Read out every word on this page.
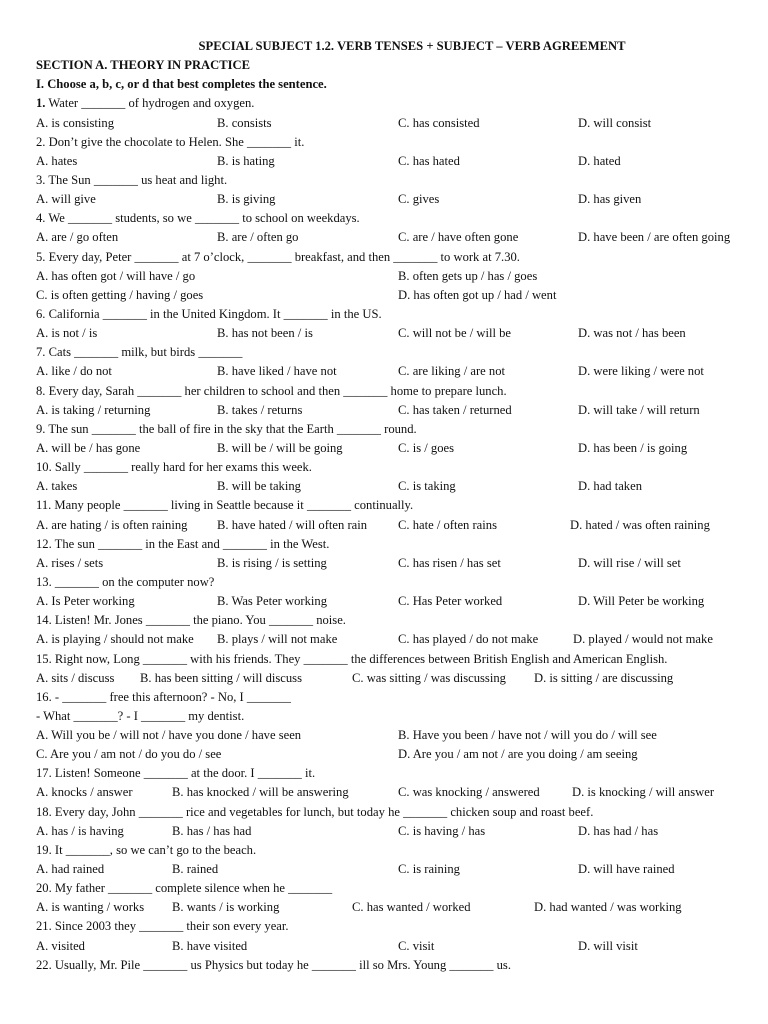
SPECIAL SUBJECT 1.2. VERB TENSES + SUBJECT – VERB AGREEMENT
SECTION A. THEORY IN PRACTICE
I. Choose a, b, c, or d that best completes the sentence.
1. Water _______ of hydrogen and oxygen.
A. is consisting	B. consists	C. has consisted	D. will consist
2. Don’t give the chocolate to Helen. She _______ it.
A. hates	B. is hating	C. has hated	D. hated
3. The Sun _______ us heat and light.
A. will give	B. is giving	C. gives	D. has given
4. We _______ students, so we _______ to school on weekdays.
A. are / go often	B. are / often go	C. are / have often gone	D. have been / are often going
5. Every day, Peter _______ at 7 o’clock, _______ breakfast, and then _______ to work at 7.30.
A. has often got / will have / go	B. often gets up / has / goes
C. is often getting / having / goes	D. has often got up / had / went
6. California _______ in the United Kingdom. It _______ in the US.
A. is not / is	B. has not been / is	C. will not be / will be	D. was not / has been
7. Cats _______ milk, but birds _______
A. like / do not	B. have liked / have not	C. are liking / are not	D. were liking / were not
8. Every day, Sarah _______ her children to school and then _______ home to prepare lunch.
A. is taking / returning	B. takes / returns	C. has taken / returned	D. will take / will return
9. The sun _______ the ball of fire in the sky that the Earth _______ round.
A. will be / has gone	B. will be / will be going	C. is / goes	D. has been / is going
10. Sally _______ really hard for her exams this week.
A. takes	B. will be taking	C. is taking	D. had taken
11. Many people _______ living in Seattle because it _______ continually.
A. are hating / is often raining B. have hated / will often rain C. hate / often rains	D. hated / was often raining
12. The sun _______ in the East and _______ in the West.
A. rises / sets	B. is rising / is setting	C. has risen / has set	D. will rise / will set
13. _______ on the computer now?
A. Is Peter working	B. Was Peter working	C. Has Peter worked	D. Will Peter be working
14. Listen! Mr. Jones _______ the piano. You _______ noise.
A. is playing / should not make B. plays / will not make	C. has played / do not make	D. played / would not make
15. Right now, Long _______ with his friends. They _______ the differences between British English and American English.
A. sits / discuss B. has been sitting / will discuss	C. was sitting / was discussing D. is sitting / are discussing
16. - _______ free this afternoon? - No, I _______
- What _______? - I _______ my dentist.
A. Will you be / will not / have you done / have seen	B. Have you been / have not / will you do / will see
C. Are you / am not / do you do / see	D. Are you / am not / are you doing / am seeing
17. Listen! Someone _______ at the door. I _______ it.
A. knocks / answer	B. has knocked / will be answering	C. was knocking / answered	D. is knocking / will answer
18. Every day, John _______ rice and vegetables for lunch, but today he _______ chicken soup and roast beef.
A. has / is having	B. has / has had	C. is having / has	D. has had / has
19. It _______, so we can’t go to the beach.
A. had rained	B. rained	C. is raining	D. will have rained
20. My father _______ complete silence when he _______
A. is wanting / works B. wants / is working	C. has wanted / worked	D. had wanted / was working
21. Since 2003 they _______ their son every year.
A. visited	B. have visited	C. visit	D. will visit
22. Usually, Mr. Pile _______ us Physics but today he _______ ill so Mrs. Young _______ us.
